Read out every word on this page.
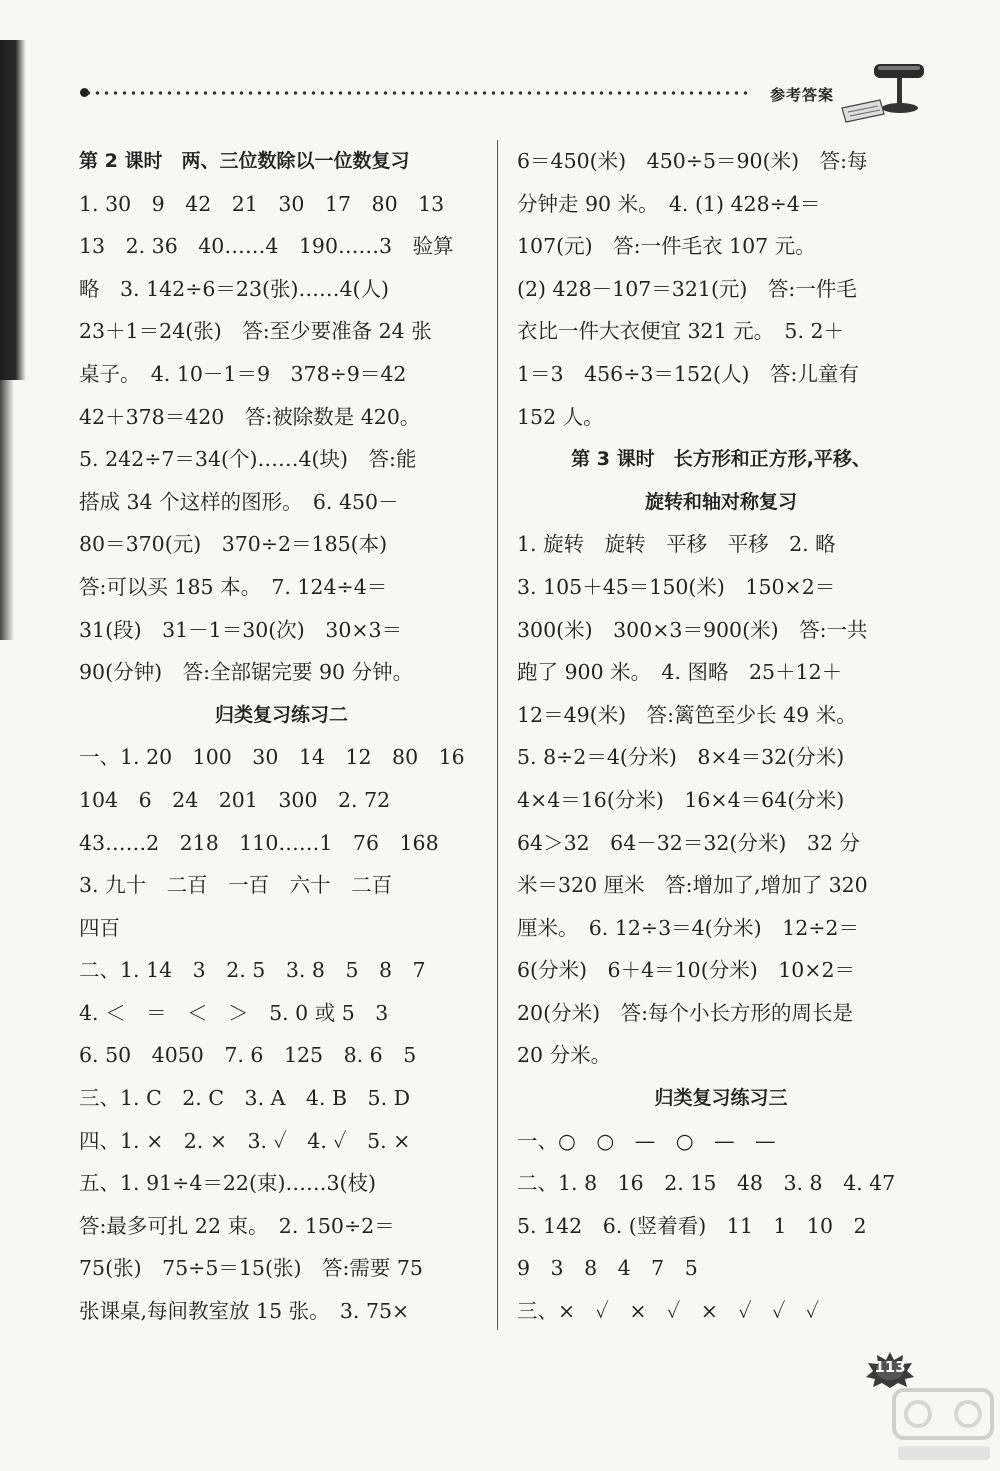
参考答案
第 2 课时　两、三位数除以一位数复习
1. 30　9　42　21　30　17　80　13
13　2. 36　40……4　190……3　验算
略　3. 142÷6＝23(张)……4(人)
23＋1＝24(张)　答:至少要准备 24 张
桌子。　4. 10－1＝9　378÷9＝42
42＋378＝420　答:被除数是 420。
5. 242÷7＝34(个)……4(块)　答:能
搭成 34 个这样的图形。　6. 450－
80＝370(元)　370÷2＝185(本)
答:可以买 185 本。　7. 124÷4＝
31(段)　31－1＝30(次)　30×3＝
90(分钟)　答:全部锯完要 90 分钟。
归类复习练习二
一、1. 20　100　30　14　12　80　16
104　6　24　201　300　2. 72
43……2　218　110……1　76　168
3. 九十　二百　一百　六十　二百
四百
二、1. 14　3　2. 5　3. 8　5　8　7
4. ＜　＝　＜　＞　5. 0 或 5　3
6. 50　4050　7. 6　125　8. 6　5
三、1. C　2. C　3. A　4. B　5. D
四、1. ×　2. ×　3. ✓　4. ✓　5. ×
五、1. 91÷4＝22(束)……3(枝)
答:最多可扎 22 束。　2. 150÷2＝
75(张)　75÷5＝15(张)　答:需要 75
张课桌,每间教室放 15 张。　3. 75×
6＝450(米)　450÷5＝90(米)　答:每
分钟走 90 米。　4. (1) 428÷4＝
107(元)　答:一件毛衣 107 元。
(2) 428－107＝321(元)　答:一件毛
衣比一件大衣便宜 321 元。　5. 2＋
1＝3　456÷3＝152(人)　答:儿童有
152 人。
第 3 课时　长方形和正方形,平移、
旋转和轴对称复习
1. 旋转　旋转　平移　平移　2. 略
3. 105＋45＝150(米)　150×2＝
300(米)　300×3＝900(米)　答:一共
跑了 900 米。　4. 图略　25＋12＋
12＝49(米)　答:篱笆至少长 49 米。
5. 8÷2＝4(分米)　8×4＝32(分米)
4×4＝16(分米)　16×4＝64(分米)
64＞32　64－32＝32(分米)　32 分
米＝320 厘米　答:增加了,增加了 320
厘米。　6. 12÷3＝4(分米)　12÷2＝
6(分米)　6＋4＝10(分米)　10×2＝
20(分米)　答:每个小长方形的周长是
20 分米。
归类复习练习三
一、○　○　—　○　—　—
二、1. 8　16　2. 15　48　3. 8　4. 47
5. 142　6. (竖着看)　11　1　10　2
9　3　8　4　7　5
三、×　✓　×　✓　×　✓　✓　✓
113
